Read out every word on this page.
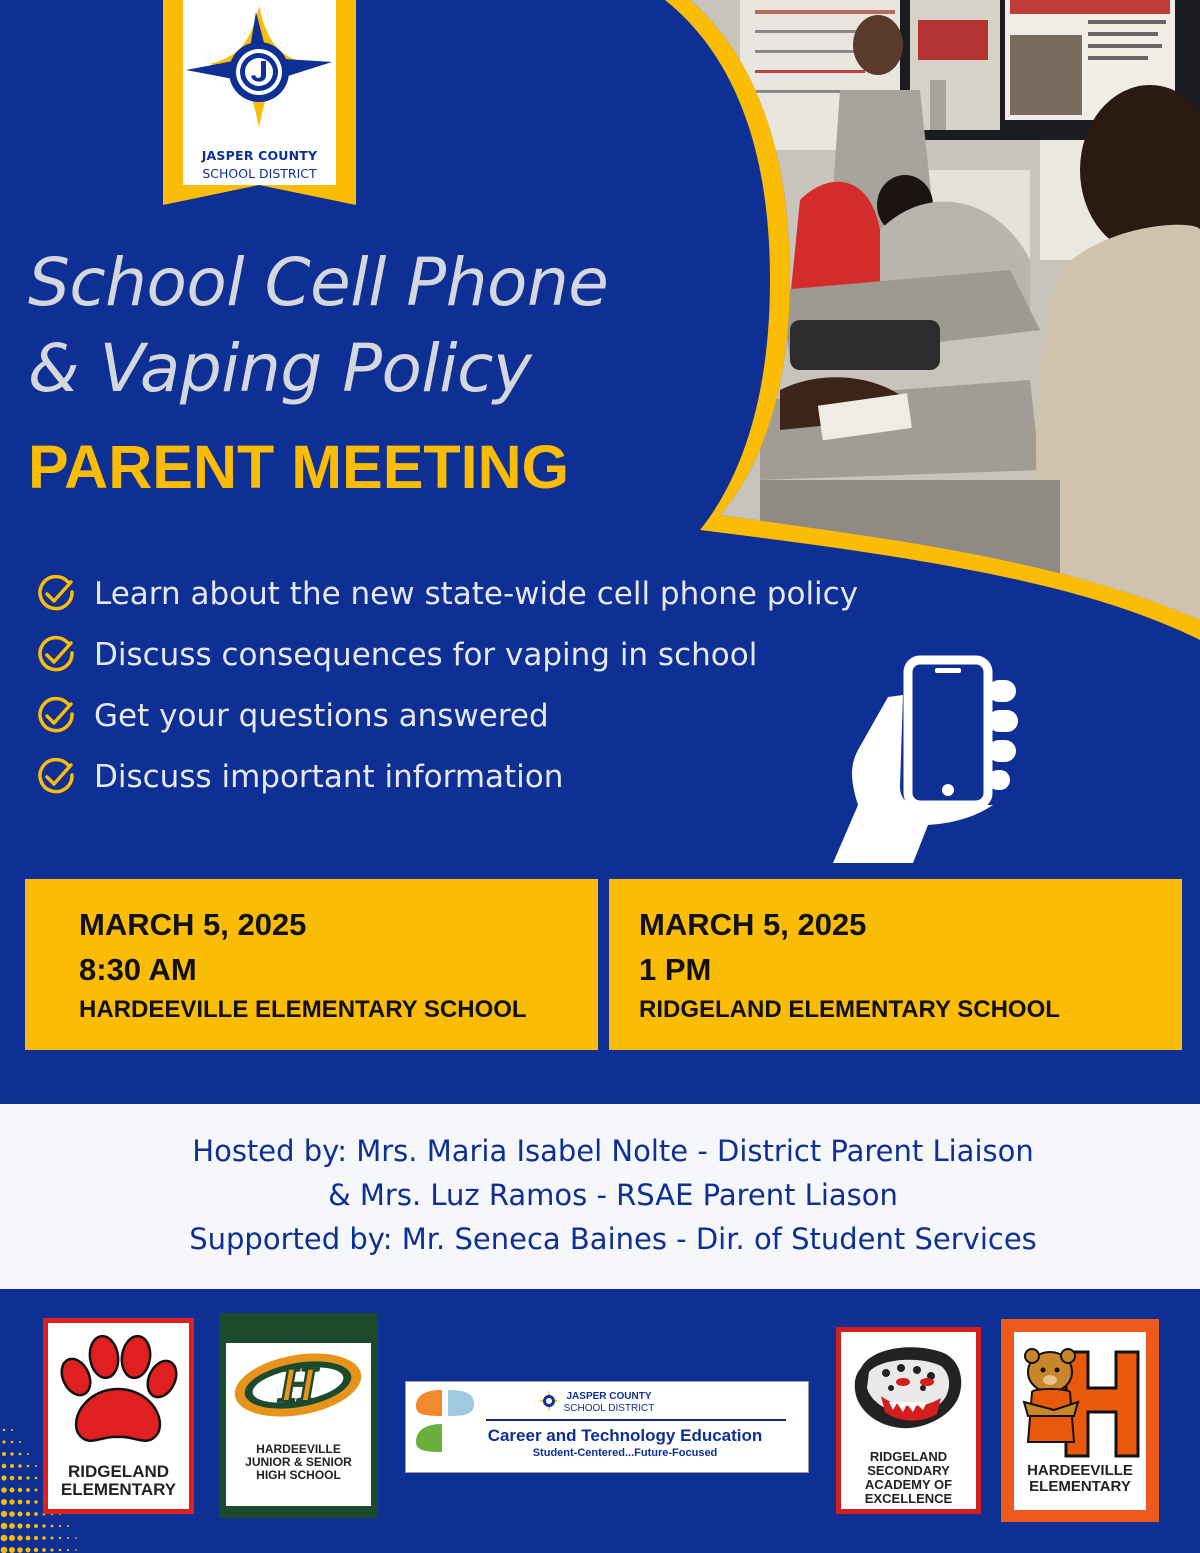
JASPER COUNTY
SCHOOL DISTRICT
School Cell Phone
& Vaping Policy
PARENT MEETING
Learn about the new state-wide cell phone policy
Discuss consequences for vaping in school
Get your questions answered
Discuss important information
MARCH 5, 2025
8:30 AM
HARDEEVILLE ELEMENTARY SCHOOL
MARCH 5, 2025
1 PM
RIDGELAND ELEMENTARY SCHOOL
Hosted by: Mrs. Maria Isabel Nolte - District Parent Liaison
& Mrs. Luz Ramos - RSAE Parent Liason
Supported by: Mr. Seneca Baines - Dir. of Student Services
RIDGELAND
ELEMENTARY
H
HARDEEVILLE
JUNIOR & SENIOR
HIGH SCHOOL
JASPER COUNTY
SCHOOL DISTRICT
Career and Technology Education
Student-Centered...Future-Focused	RIDGELAND
SECONDARY
ACADEMY OF
EXCELLENCE
HARDEEVILLE
ELEMENTARY
